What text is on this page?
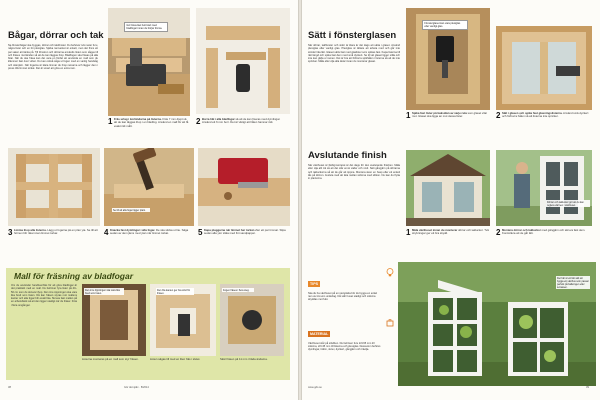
Bågar, dörrar och tak
Na fönsterbågar ska byggas, dörrar och takfönster. Du behöver två meter furu, några lister och en bit plexiglas. Själva ramverket är enkelt, men det finns ett par saker att tänka på. Till fönstren och dörrarna används listen som sågas till och fräses i kortänden så att de kan läggas ihop. Bladfogen ska fräsas på alla bitar. När du ska fräsa kan det vara en fördel att använda en mall som du klämmer fast över virket. Du kan också såga ut fogen med en vanlig handsåg och stämjärn. När fogarna är klara limmar du ihop ramarna och lägger dem i press tills limmet torkat. Det är smart att göra en extra ram.
Gör listverket helt klart med bladfogar innan du börjar limma.
1 Fräs urtag i kortändarna på listerna. Fräs 7 mm djupt så att de kan läggas ihop i en bladfog. Använd en mall för att få exakt rätt mått.	2 Borra hål i alla bladfogar så att de kan fixeras med dymlingar. Använd ett 6 mm borr. Det är viktigt att hålen hamnar rätt.
Se till att alla fogar ligger plant.
3 Limma ihop alla listerna. Lägg ut fogarna på en plan yta. Se till att hörnen blir räta innan limmet torkar.	4 Knacka fast dymlingar i alla fogar. De ska sticka ut lite. Såga sedan av dem jäms med ytan när limmet torkat.	5 Kapa pluggarna när limmet har torkat efter ett par timmar. Slipa sedan alla ytor släta med fint sandpapper.
Mall för fräsning av bladfogar
Om du använder handöverfräs för att göra bladfogar är det praktiskt med en mall. Du behöver fyra lister på 40–50 cm som du skruvar ihop. Den inre öppningen ska vara lika bred som listen. Då kan fräsen styras mot mallens kanter och alla fogar blir exakt lika. Skruva fast mallen på en arbetsbänk så att den ligger stadigt när du fräser. Fräs i flera omgångar.
Den inre öppningen ska vara lika bred som listen.
Den fria kanten ger bra stöd för fräsen.
Fogen fräses i flera steg.
Listerna monteras på en mall som styr fräsen.	Listen sågas till med en liten fräs i slutet.	Skär fräsen på 11 mm i båda ändarna.
38	Gör det själv · 8/2014
Sätt i fönsterglasen
När dörrar, takfönster och sidor är klara är det dags att sätta i glaset. Använd plexiglas eller vanligt glas. Plexiglas är lättare att arbeta med och går inte sönder lika lätt. Glaset sätts fast med glaslister som spikas fast. Kapa listerna till rätt längd och spika fast dem med små dyckert. Se till att glaset ligger stilla och inte kan glida ur ramen. Det är bra att förborra spikhålen i listerna så att de inte spricker. Måla eller olja alla delar innan du monterar glaset.
Fönsterglaset kan vara plexiglas eller vanligt glas.
1 Spika fast lister på baksidan av varje ruta som glaset vilar mot. Glaset ska ligga an mot dessa lister.	2 Sätt i glasen och spika fast glasningslisterna. Använd små dyckert och förborra hålen så att listerna inte spricker.
Avslutande finish
När växthuset är färdigmonterat är det dags för den avslutande finishen. Måla eller olja allt trä så att det står emot väder och vind. Sätt gångjärn på dörrarna och takluckorna så att de går att öppna. Montera även en hasp eller ett enkelt lås på dörren. Avsluta med att täta mellan sidorna med silikon. Nu kan du flytta in plantorna.
Dörrar och takluckor gör att du kan reglera värmen i växthuset.
1 Måla växthuset innan du monterar dörrar och takluckor. Två strykningar ger ett bra skydd.	2 Montera dörrar och takluckor med gångjärn och skruva fast dem. Kontrollera att de går lätt.
TIPS
Ska du ha växthuset på en stenplatta bör du bygga en enkel ram av trä som underlag. Då står huset stadigt och sidorna skyddas mot fukt.
MATERIAL
Växthuset står på stödben. Du behöver furu 22×95 mm till sidorna, 22×45 mm till listerna och plexiglas. Dessutom behövs dymlingar, trälim, skruv, dyckert, gångjärn och träolja.
Det här är ett lätt sätt att bygga ett växthus som passar perfekt på balkongen eller terrassen.
www.gds.se	39
